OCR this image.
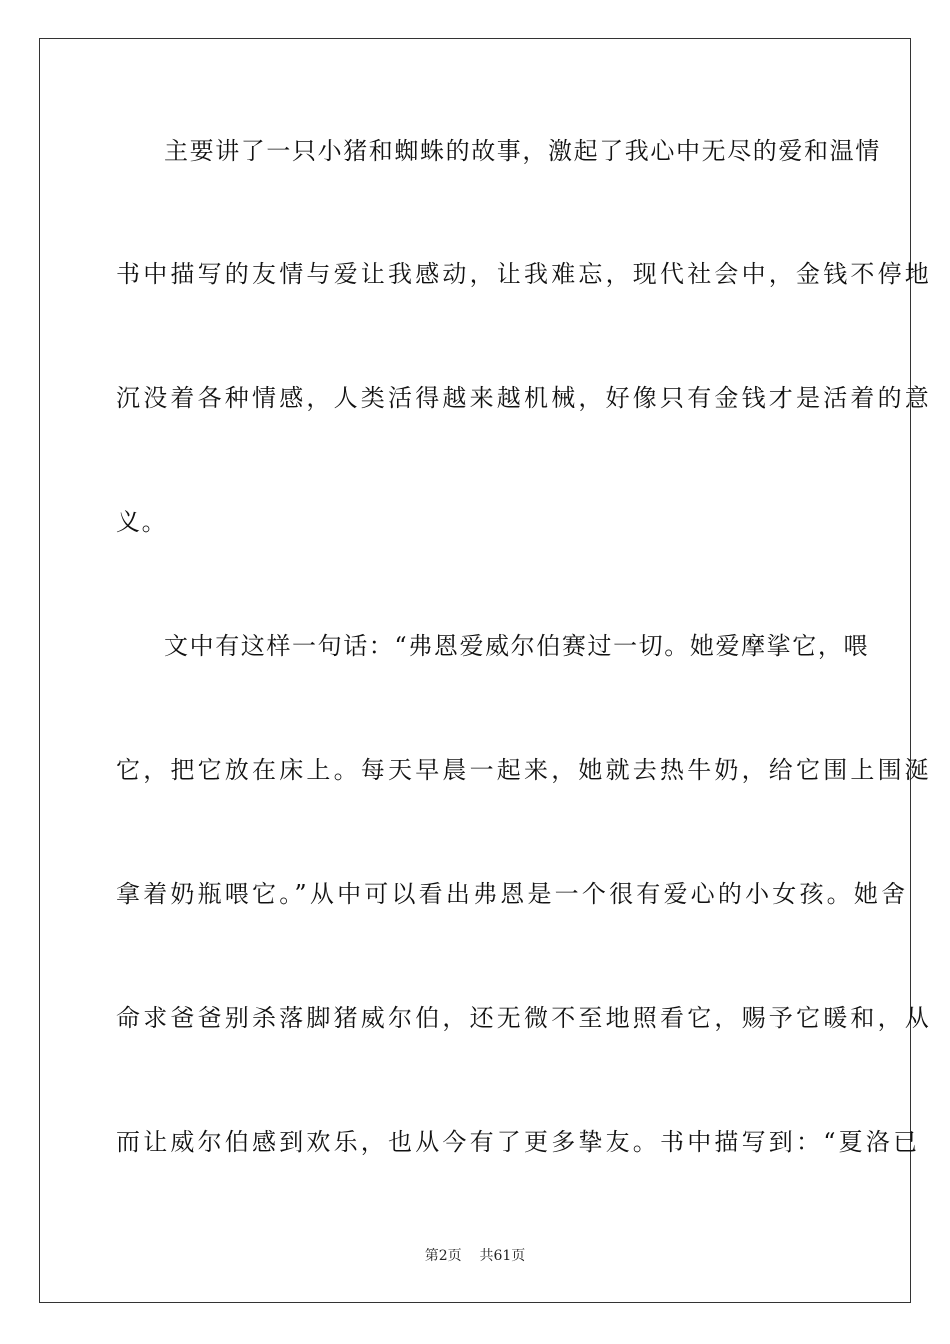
主要讲了一只小猪和蜘蛛的故事，激起了我心中无尽的爱和温情
书中描写的友情与爱让我感动，让我难忘，现代社会中，金钱不停地
沉没着各种情感，人类活得越来越机械，好像只有金钱才是活着的意
义。
文中有这样一句话：“弗恩爱威尔伯赛过一切。她爱摩挲它，喂
它，把它放在床上。每天早晨一起来，她就去热牛奶，给它围上围涎
拿着奶瓶喂它。”从中可以看出弗恩是一个很有爱心的小女孩。她舍
命求爸爸别杀落脚猪威尔伯，还无微不至地照看它，赐予它暖和，从
而让威尔伯感到欢乐，也从今有了更多挚友。书中描写到：“夏洛已
第2页 共61页
